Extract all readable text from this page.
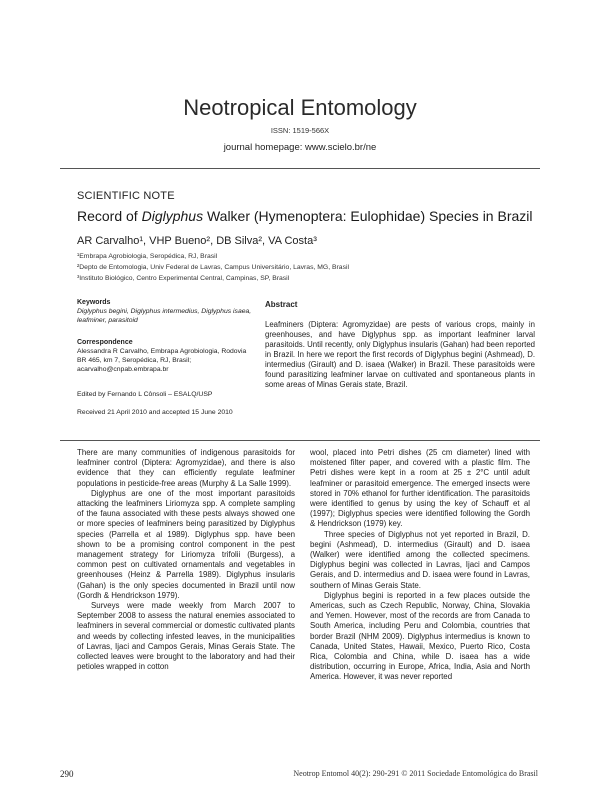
Neotropical Entomology
ISSN: 1519-566X
journal homepage: www.scielo.br/ne
SCIENTIFIC NOTE
Record of Diglyphus Walker (Hymenoptera: Eulophidae) Species in Brazil
AR Carvalho¹, VHP Bueno², DB Silva², VA Costa³
¹Embrapa Agrobiologia, Seropédica, RJ, Brasil
²Depto de Entomologia, Univ Federal de Lavras, Campus Universitário, Lavras, MG, Brasil
³Instituto Biológico, Centro Experimental Central, Campinas, SP, Brasil
Keywords
Diglyphus begini, Diglyphus intermedius, Diglyphus isaea, leafminer, parasitoid
Correspondence
Alessandra R Carvalho, Embrapa Agrobiologia, Rodovia BR 465, km 7, Seropédica, RJ, Brasil; acarvalho@cnpab.embrapa.br
Edited by Fernando L Cônsoli – ESALQ/USP
Received 21 April 2010 and accepted 15 June 2010
Abstract
Leafminers (Diptera: Agromyzidae) are pests of various crops, mainly in greenhouses, and have Diglyphus spp. as important leafminer larval parasitoids. Until recently, only Diglyphus insularis (Gahan) had been reported in Brazil. In here we report the first records of Diglyphus begini (Ashmead), D. intermedius (Girault) and D. isaea (Walker) in Brazil. These parasitoids were found parasitizing leafminer larvae on cultivated and spontaneous plants in some areas of Minas Gerais state, Brazil.

There are many communities of indigenous parasitoids for leafminer control (Diptera: Agromyzidae), and there is also evidence that they can efficiently regulate leafminer populations in pesticide-free areas (Murphy & La Salle 1999).

Diglyphus are one of the most important parasitoids attacking the leafminers Liriomyza spp. A complete sampling of the fauna associated with these pests always showed one or more species of leafminers being parasitized by Diglyphus species (Parrella et al 1989). Diglyphus spp. have been shown to be a promising control component in the pest management strategy for Liriomyza trifolii (Burgess), a common pest on cultivated ornamentals and vegetables in greenhouses (Heinz & Parrella 1989). Diglyphus insularis (Gahan) is the only species documented in Brazil until now (Gordh & Hendrickson 1979).

Surveys were made weekly from March 2007 to September 2008 to assess the natural enemies associated to leafminers in several commercial or domestic cultivated plants and weeds by collecting infested leaves, in the municipalities of Lavras, Ijaci and Campos Gerais, Minas Gerais State. The collected leaves were brought to the laboratory and had their petioles wrapped in cotton

wool, placed into Petri dishes (25 cm diameter) lined with moistened filter paper, and covered with a plastic film. The Petri dishes were kept in a room at 25 ± 2°C until adult leafminer or parasitoid emergence. The emerged insects were stored in 70% ethanol for further identification. The parasitoids were identified to genus by using the key of Schauff et al (1997); Diglyphus species were identified following the Gordh & Hendrickson (1979) key.

Three species of Diglyphus not yet reported in Brazil, D. begini (Ashmead), D. intermedius (Girault) and D. isaea (Walker) were identified among the collected specimens. Diglyphus begini was collected in Lavras, Ijaci and Campos Gerais, and D. intermedius and D. isaea were found in Lavras, southern of Minas Gerais State.

Diglyphus begini is reported in a few places outside the Americas, such as Czech Republic, Norway, China, Slovakia and Yemen. However, most of the records are from Canada to South America, including Peru and Colombia, countries that border Brazil (NHM 2009). Diglyphus intermedius is known to Canada, United States, Hawaii, Mexico, Puerto Rico, Costa Rica, Colombia and China, while D. isaea has a wide distribution, occurring in Europe, Africa, India, Asia and North America. However, it was never reported

290	Neotrop Entomol 40(2): 290-291 © 2011 Sociedade Entomológica do Brasil
